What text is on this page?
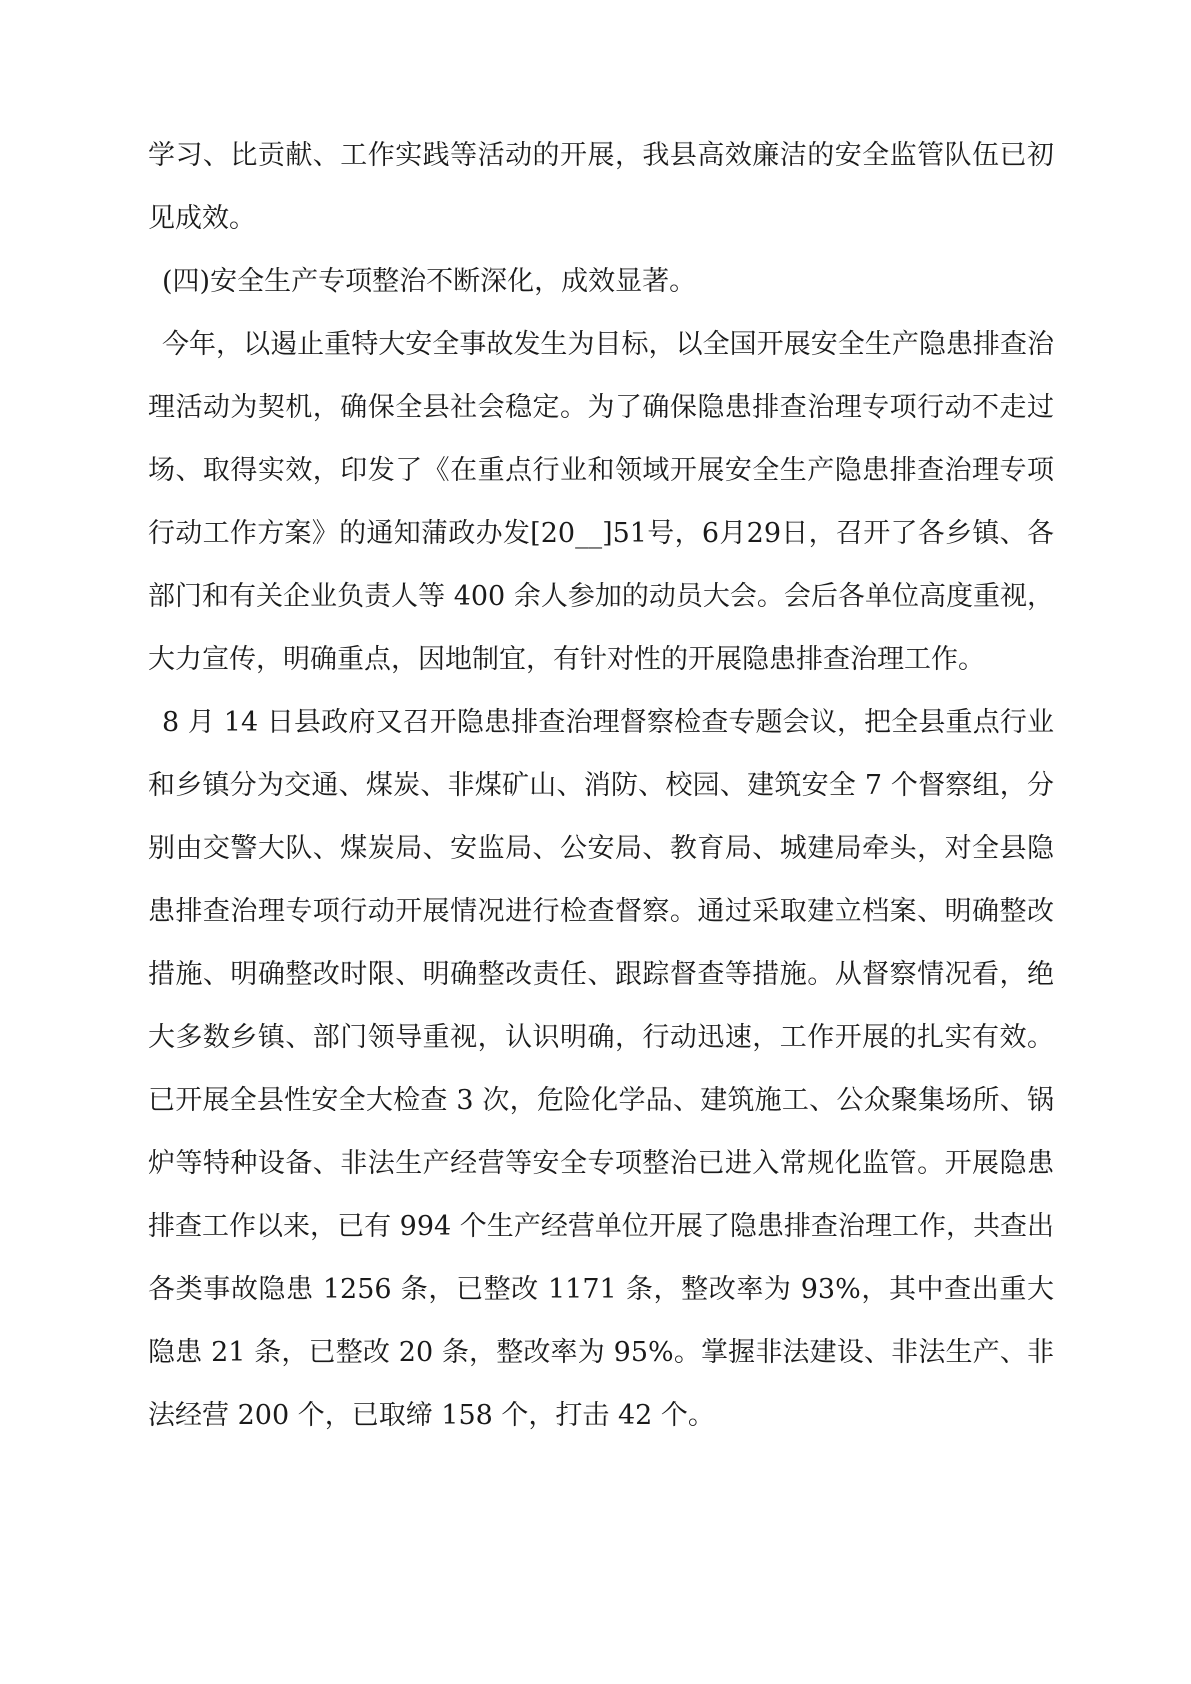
学习、比贡献、工作实践等活动的开展，我县高效廉洁的安全监管队伍已初见成效。

(四)安全生产专项整治不断深化，成效显著。

今年，以遏止重特大安全事故发生为目标，以全国开展安全生产隐患排查治理活动为契机，确保全县社会稳定。为了确保隐患排查治理专项行动不走过场、取得实效，印发了《在重点行业和领域开展安全生产隐患排查治理专项行动工作方案》的通知蒲政办发[20__]51号，6月29日，召开了各乡镇、各部门和有关企业负责人等 400 余人参加的动员大会。会后各单位高度重视，大力宣传，明确重点，因地制宜，有针对性的开展隐患排查治理工作。

8 月 14 日县政府又召开隐患排查治理督察检查专题会议，把全县重点行业和乡镇分为交通、煤炭、非煤矿山、消防、校园、建筑安全 7 个督察组，分别由交警大队、煤炭局、安监局、公安局、教育局、城建局牵头，对全县隐患排查治理专项行动开展情况进行检查督察。通过采取建立档案、明确整改措施、明确整改时限、明确整改责任、跟踪督查等措施。从督察情况看，绝大多数乡镇、部门领导重视，认识明确，行动迅速，工作开展的扎实有效。已开展全县性安全大检查 3 次，危险化学品、建筑施工、公众聚集场所、锅炉等特种设备、非法生产经营等安全专项整治已进入常规化监管。开展隐患排查工作以来，已有 994 个生产经营单位开展了隐患排查治理工作，共查出各类事故隐患 1256 条，已整改 1171 条，整改率为 93%，其中查出重大隐患 21 条，已整改 20 条，整改率为 95%。掌握非法建设、非法生产、非法经营 200 个，已取缔 158 个，打击 42 个。
